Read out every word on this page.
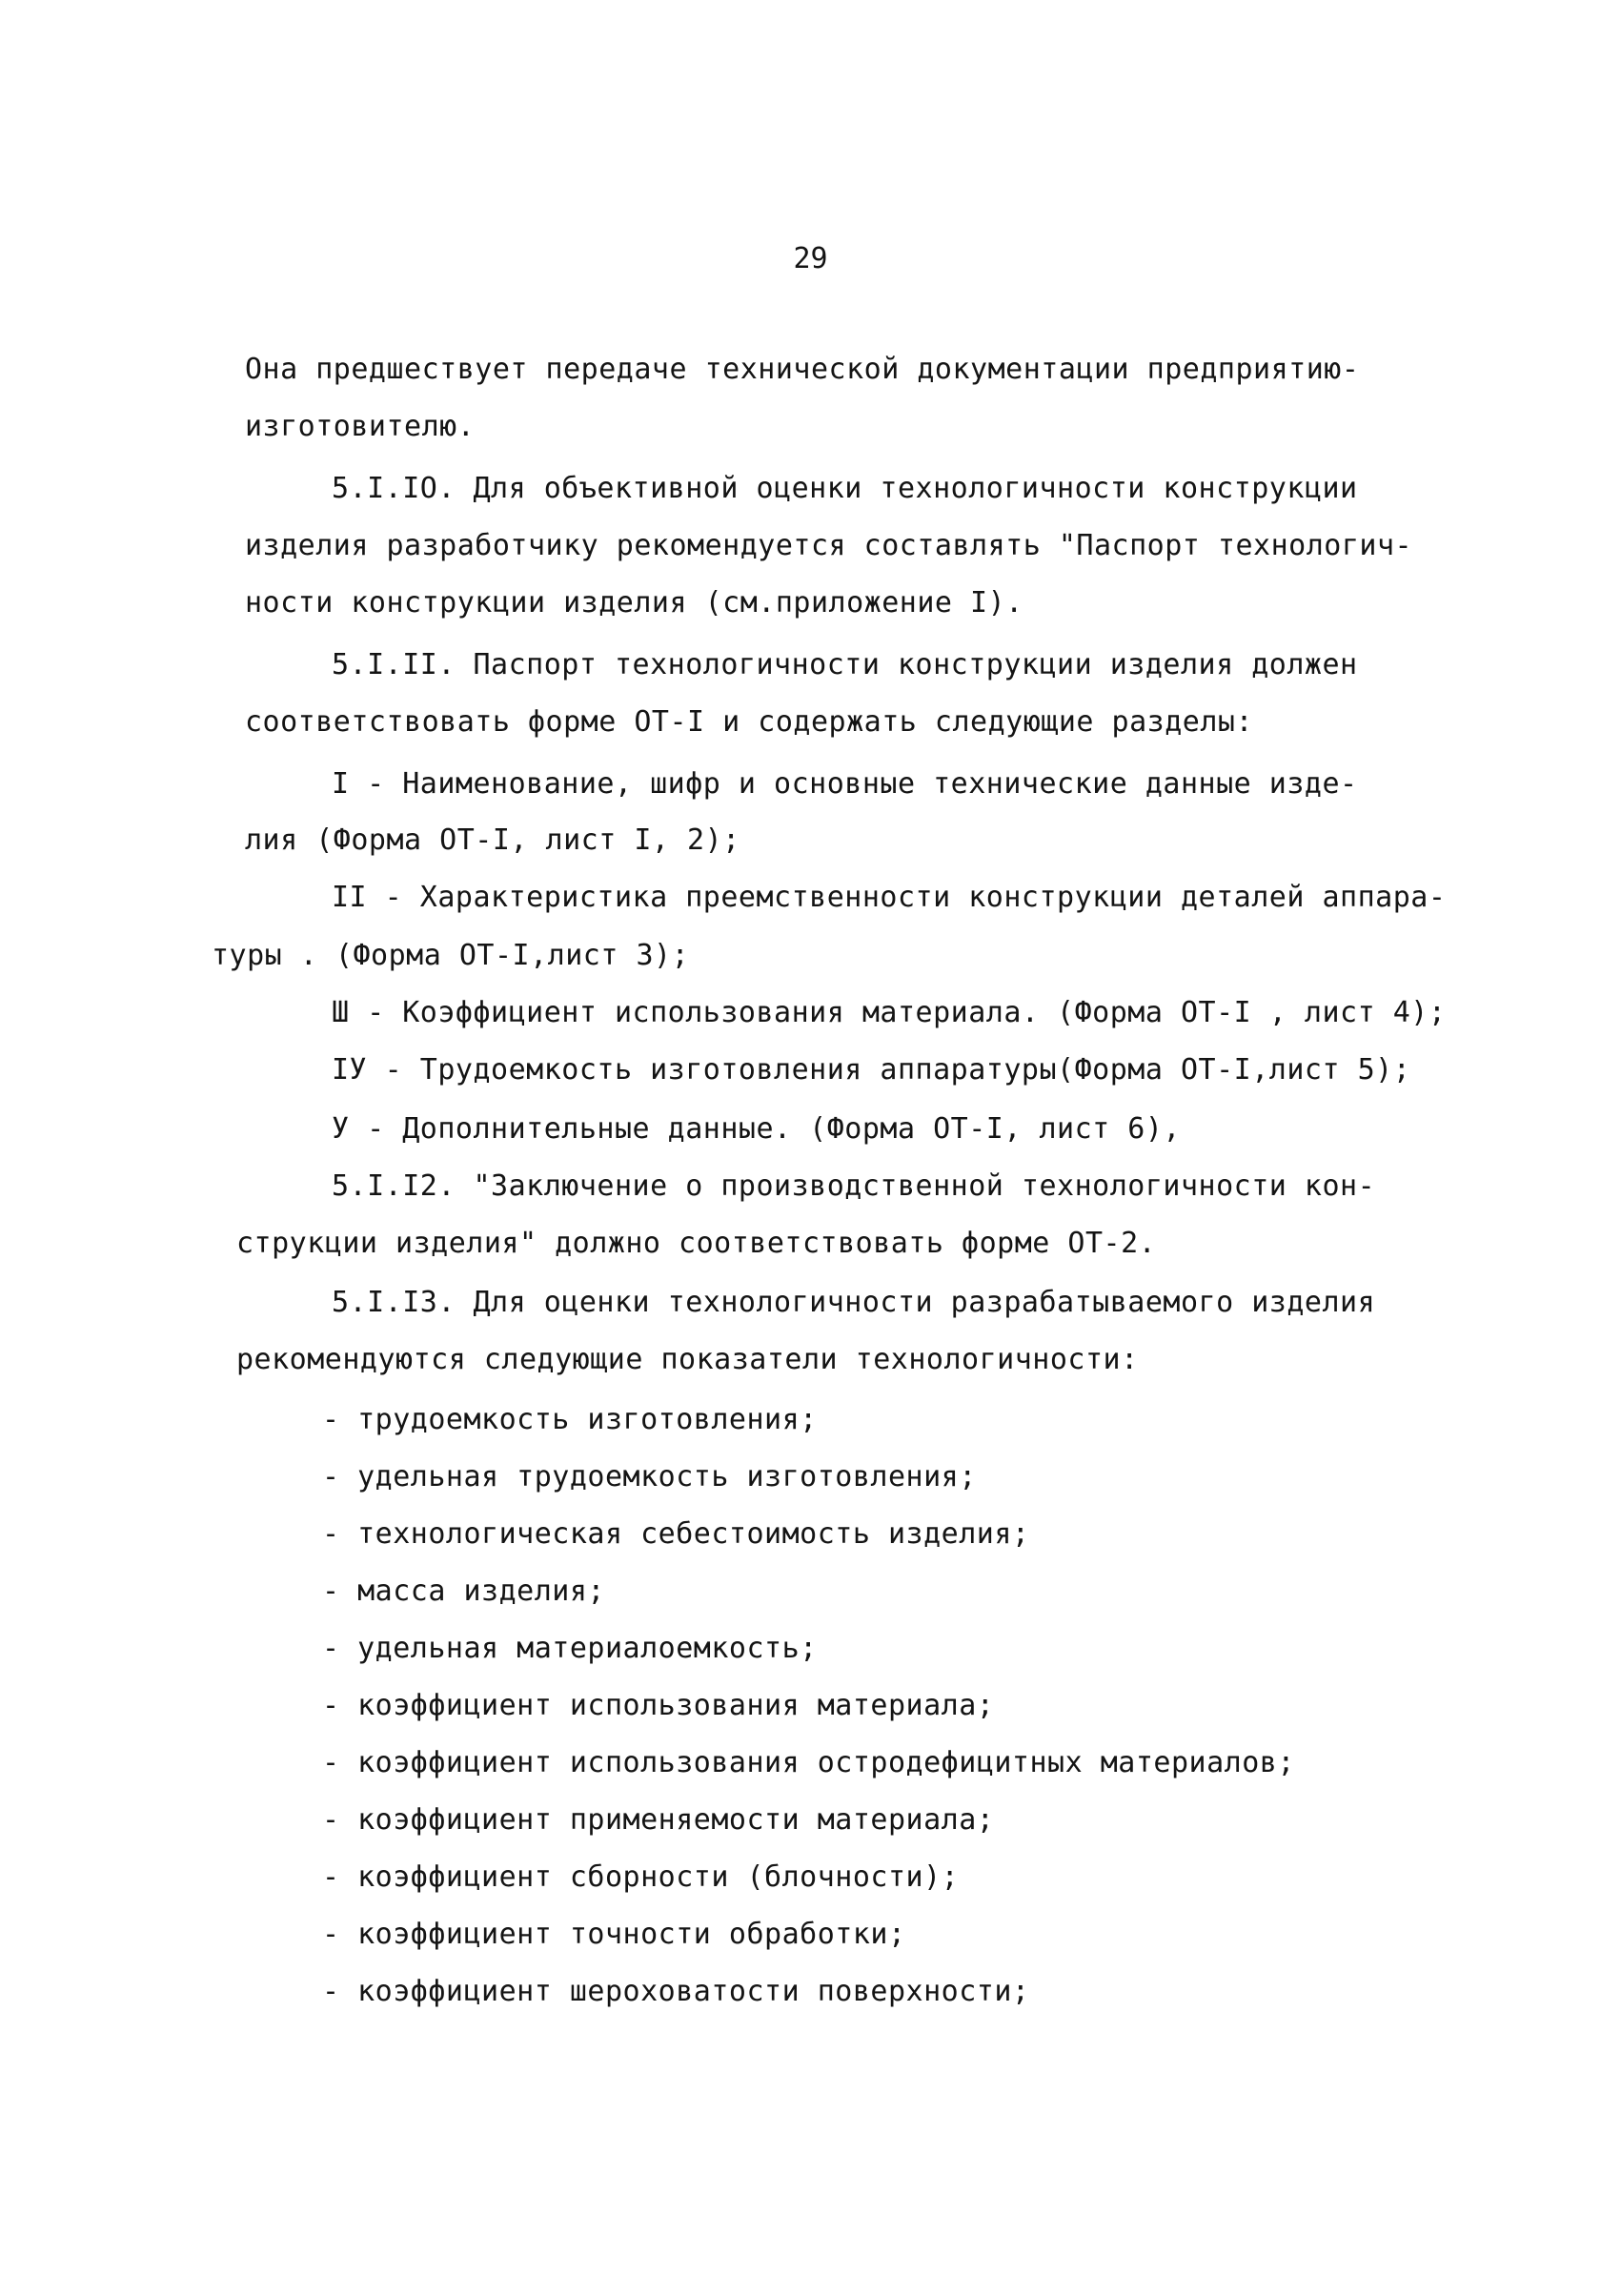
29
Она предшествует передаче технической документации предприятию-
изготовителю.
5.I.IO. Для объективной оценки технологичности конструкции
изделия разработчику рекомендуется составлять "Паспорт технологич-
ности конструкции изделия (см.приложение I).
5.I.II. Паспорт технологичности конструкции изделия должен
соответствовать форме ОТ-I и содержать следующие разделы:
I - Наименование, шифр и основные технические данные изде-
лия (Форма ОТ-I, лист I, 2);
II - Характеристика преемственности конструкции деталей аппара-
туры . (Форма ОТ-I,лист 3);
Ш - Коэффициент использования материала. (Форма ОТ-I , лист 4);
IУ - Трудоемкость изготовления аппаратуры(Форма ОТ-I,лист 5);
У - Дополнительные данные. (Форма ОТ-I, лист 6),
5.I.I2. "Заключение о производственной технологичности кон-
струкции изделия" должно соответствовать форме ОТ-2.
5.I.I3. Для оценки технологичности разрабатываемого изделия
рекомендуются следующие показатели технологичности:
- трудоемкость изготовления;
- удельная трудоемкость изготовления;
- технологическая себестоимость изделия;
- масса изделия;
- удельная материалоемкость;
- коэффициент использования материала;
- коэффициент использования остродефицитных материалов;
- коэффициент применяемости материала;
- коэффициент сборности (блочности);
- коэффициент точности обработки;
- коэффициент шероховатости поверхности;
